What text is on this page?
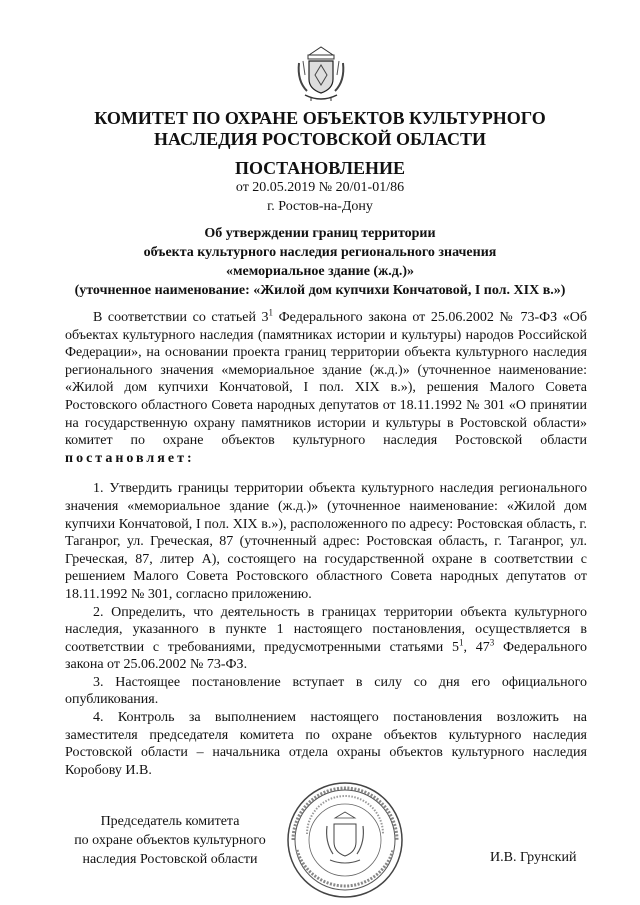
КОМИТЕТ ПО ОХРАНЕ ОБЪЕКТОВ КУЛЬТУРНОГО
НАСЛЕДИЯ РОСТОВСКОЙ ОБЛАСТИ
ПОСТАНОВЛЕНИЕ
от 20.05.2019 № 20/01-01/86
г. Ростов-на-Дону
Об утверждении границ территории
объекта культурного наследия регионального значения
«мемориальное здание (ж.д.)»
(уточненное наименование: «Жилой дом купчихи Кончатовой, I пол. XIX в.»)

В соответствии со статьей $3^1$ Федерального закона от 25.06.2002 № 73-ФЗ «Об объектах культурного наследия (памятниках истории и культуры) народов Российской Федерации», на основании проекта границ территории объекта культурного наследия регионального значения «мемориальное здание (ж.д.)» (уточненное наименование: «Жилой дом купчихи Кончатовой, I пол. XIX в.»), решения Малого Совета Ростовского областного Совета народных депутатов от 18.11.1992 № 301 «О принятии на государственную охрану памятников истории и культуры в Ростовской области» комитет по охране объектов культурного наследия Ростовской области постановляет:

1. Утвердить границы территории объекта культурного наследия регионального значения «мемориальное здание (ж.д.)» (уточненное наименование: «Жилой дом купчихи Кончатовой, I пол. XIX в.»), расположенного по адресу: Ростовская область, г. Таганрог, ул. Греческая, 87 (уточненный адрес: Ростовская область, г. Таганрог, ул. Греческая, 87, литер А), состоящего на государственной охране в соответствии с решением Малого Совета Ростовского областного Совета народных депутатов от 18.11.1992 № 301, согласно приложению.

2. Определить, что деятельность в границах территории объекта культурного наследия, указанного в пункте 1 настоящего постановления, осуществляется в соответствии с требованиями, предусмотренными статьями $5^1$, $47^3$ Федерального закона от 25.06.2002 № 73-ФЗ.

3. Настоящее постановление вступает в силу со дня его официального опубликования.

4. Контроль за выполнением настоящего постановления возложить на заместителя председателя комитета по охране объектов культурного наследия Ростовской области – начальника отдела охраны объектов культурного наследия Коробову И.В.

Председатель комитета
по охране объектов культурного
наследия Ростовской области	И.В. Грунский
